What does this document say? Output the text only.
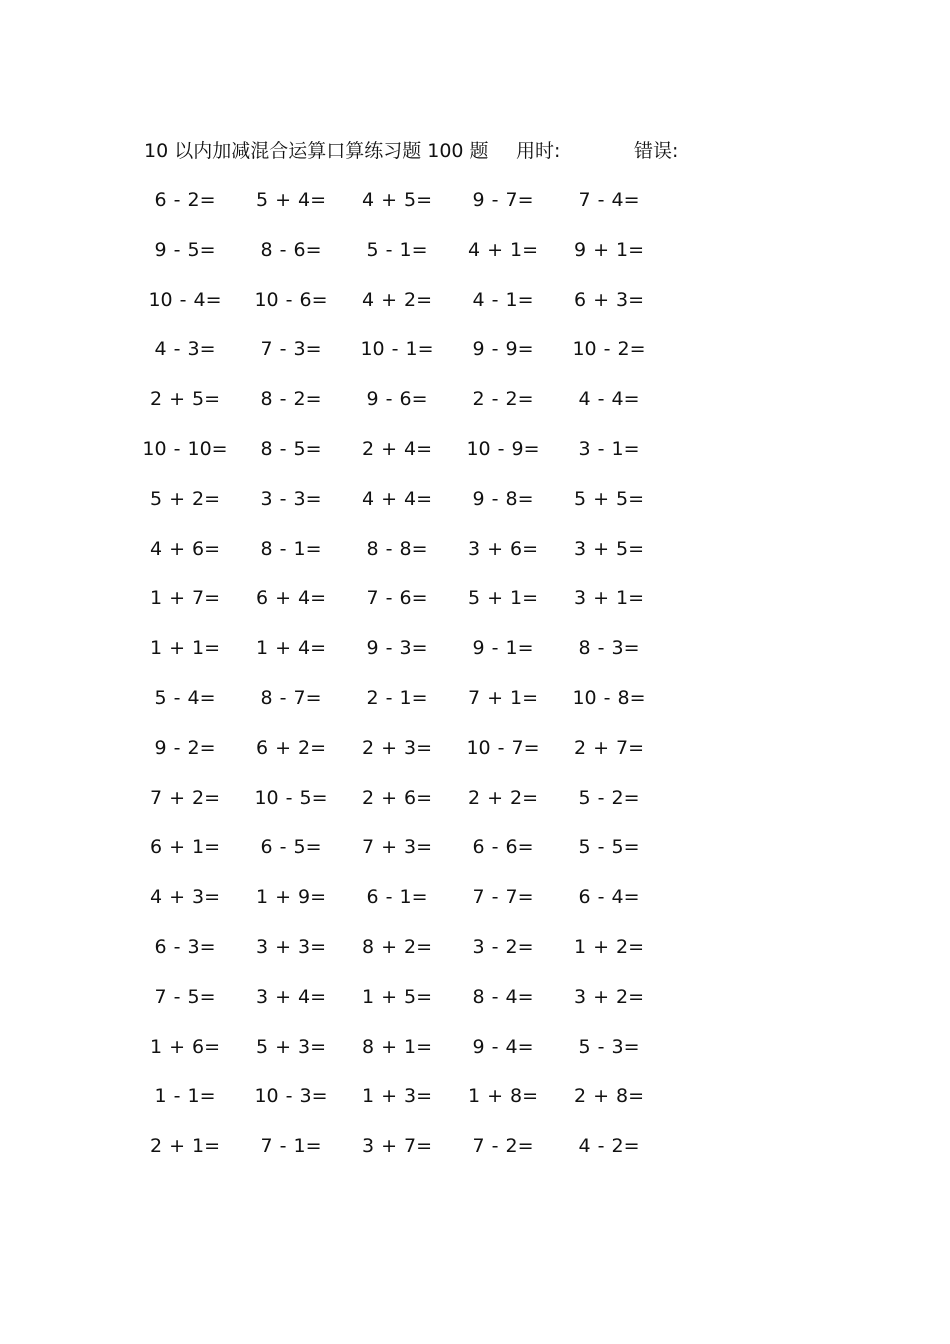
10 以内加减混合运算口算练习题 100 题 用时:	错误:
6 - 2=	5 + 4=	4 + 5=	9 - 7=	7 - 4=
9 - 5=	8 - 6=	5 - 1=	4 + 1=	9 + 1=
10 - 4=	10 - 6=	4 + 2=	4 - 1=	6 + 3=
4 - 3=	7 - 3=	10 - 1=	9 - 9=	10 - 2=
2 + 5=	8 - 2=	9 - 6=	2 - 2=	4 - 4=
10 - 10=	8 - 5=	2 + 4=	10 - 9=	3 - 1=
5 + 2=	3 - 3=	4 + 4=	9 - 8=	5 + 5=
4 + 6=	8 - 1=	8 - 8=	3 + 6=	3 + 5=
1 + 7=	6 + 4=	7 - 6=	5 + 1=	3 + 1=
1 + 1=	1 + 4=	9 - 3=	9 - 1=	8 - 3=
5 - 4=	8 - 7=	2 - 1=	7 + 1=	10 - 8=
9 - 2=	6 + 2=	2 + 3=	10 - 7=	2 + 7=
7 + 2=	10 - 5=	2 + 6=	2 + 2=	5 - 2=
6 + 1=	6 - 5=	7 + 3=	6 - 6=	5 - 5=
4 + 3=	1 + 9=	6 - 1=	7 - 7=	6 - 4=
6 - 3=	3 + 3=	8 + 2=	3 - 2=	1 + 2=
7 - 5=	3 + 4=	1 + 5=	8 - 4=	3 + 2=
1 + 6=	5 + 3=	8 + 1=	9 - 4=	5 - 3=
1 - 1=	10 - 3=	1 + 3=	1 + 8=	2 + 8=
2 + 1=	7 - 1=	3 + 7=	7 - 2=	4 - 2=
